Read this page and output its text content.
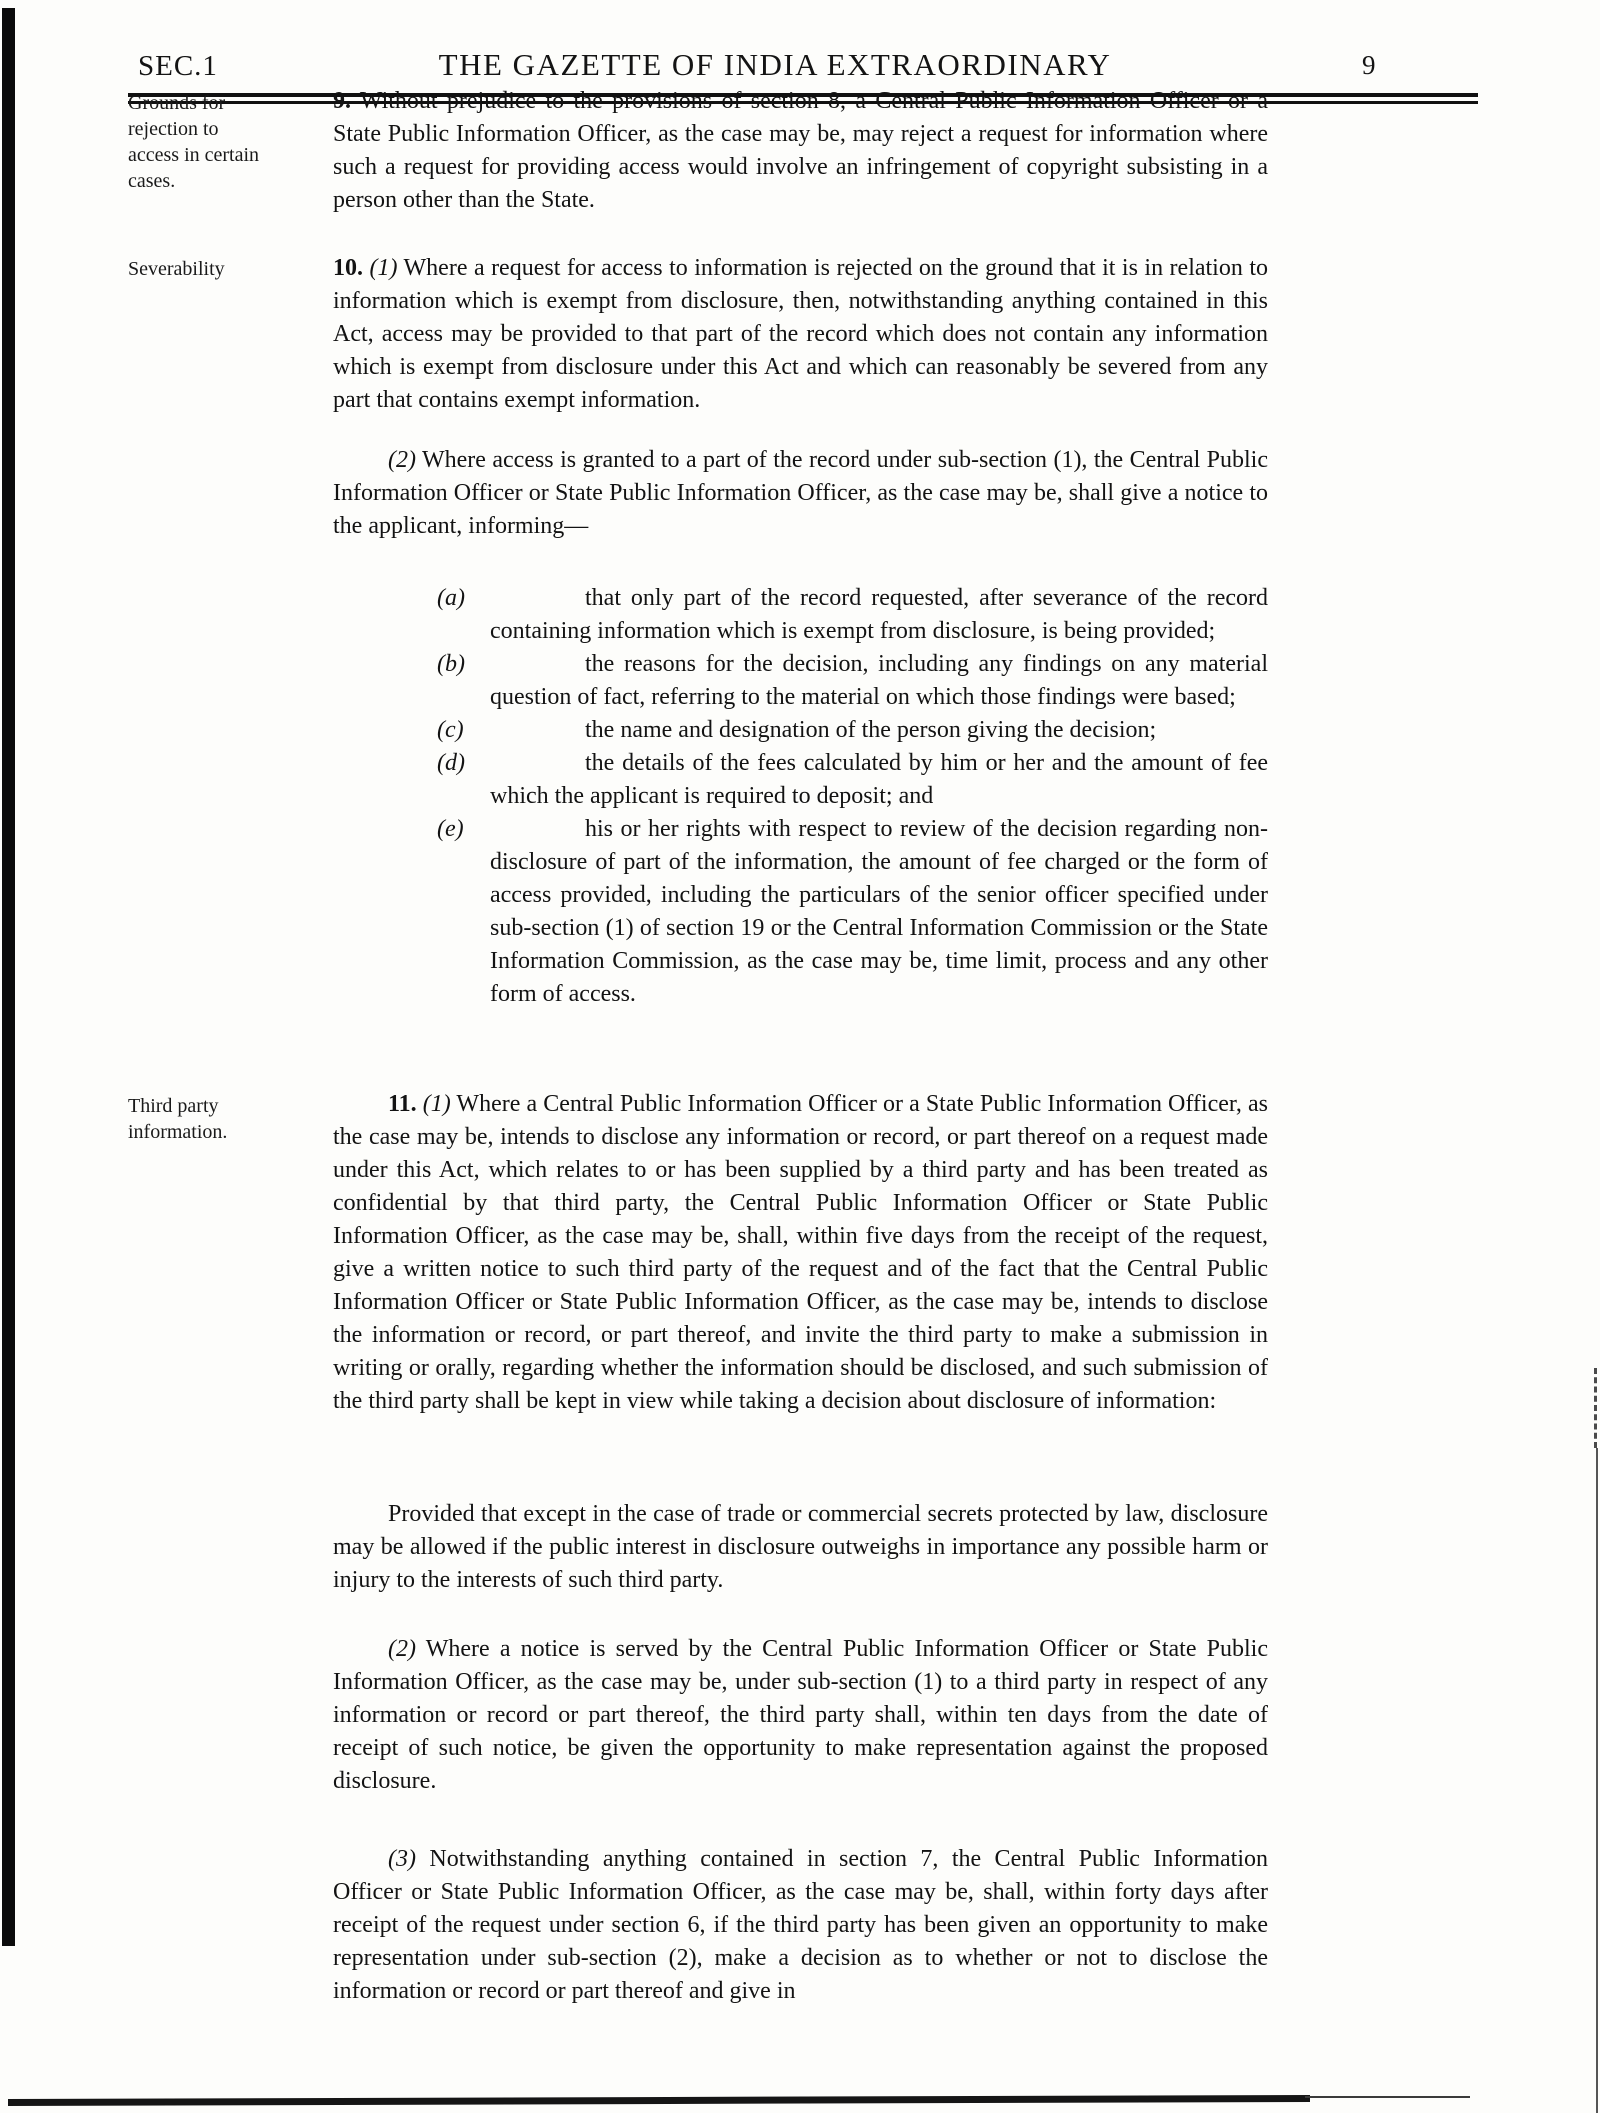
SEC.1	THE GAZETTE OF INDIA EXTRAORDINARY	9
Grounds for rejection to access in certain cases.
Severability
Third party information.

9. Without prejudice to the provisions of section 8, a Central Public Information Officer or a State Public Information Officer, as the case may be, may reject a request for information where such a request for providing access would involve an infringement of copyright subsisting in a person other than the State.

10. (1) Where a request for access to information is rejected on the ground that it is in relation to information which is exempt from disclosure, then, notwithstanding anything contained in this Act, access may be provided to that part of the record which does not contain any information which is exempt from disclosure under this Act and which can reasonably be severed from any part that contains exempt information.

(2) Where access is granted to a part of the record under sub-section (1), the Central Public Information Officer or State Public Information Officer, as the case may be, shall give a notice to the applicant, informing—

(a)	that only part of the record requested, after severance of the record containing information which is exempt from disclosure, is being provided;
(b)	the reasons for the decision, including any findings on any material question of fact, referring to the material on which those findings were based;
(c)	the name and designation of the person giving the decision;
(d)	the details of the fees calculated by him or her and the amount of fee which the applicant is required to deposit; and
(e)	his or her rights with respect to review of the decision regarding non-disclosure of part of the information, the amount of fee charged or the form of access provided, including the particulars of the senior officer specified under sub-section (1) of section 19 or the Central Information Commission or the State Information Commission, as the case may be, time limit, process and any other form of access.

11. (1) Where a Central Public Information Officer or a State Public Information Officer, as the case may be, intends to disclose any information or record, or part thereof on a request made under this Act, which relates to or has been supplied by a third party and has been treated as confidential by that third party, the Central Public Information Officer or State Public Information Officer, as the case may be, shall, within five days from the receipt of the request, give a written notice to such third party of the request and of the fact that the Central Public Information Officer or State Public Information Officer, as the case may be, intends to disclose the information or record, or part thereof, and invite the third party to make a submission in writing or orally, regarding whether the information should be disclosed, and such submission of the third party shall be kept in view while taking a decision about disclosure of information:

Provided that except in the case of trade or commercial secrets protected by law, disclosure may be allowed if the public interest in disclosure outweighs in importance any possible harm or injury to the interests of such third party.

(2) Where a notice is served by the Central Public Information Officer or State Public Information Officer, as the case may be, under sub-section (1) to a third party in respect of any information or record or part thereof, the third party shall, within ten days from the date of receipt of such notice, be given the opportunity to make representation against the proposed disclosure.

(3) Notwithstanding anything contained in section 7, the Central Public Information Officer or State Public Information Officer, as the case may be, shall, within forty days after receipt of the request under section 6, if the third party has been given an opportunity to make representation under sub-section (2), make a decision as to whether or not to disclose the information or record or part thereof and give in
